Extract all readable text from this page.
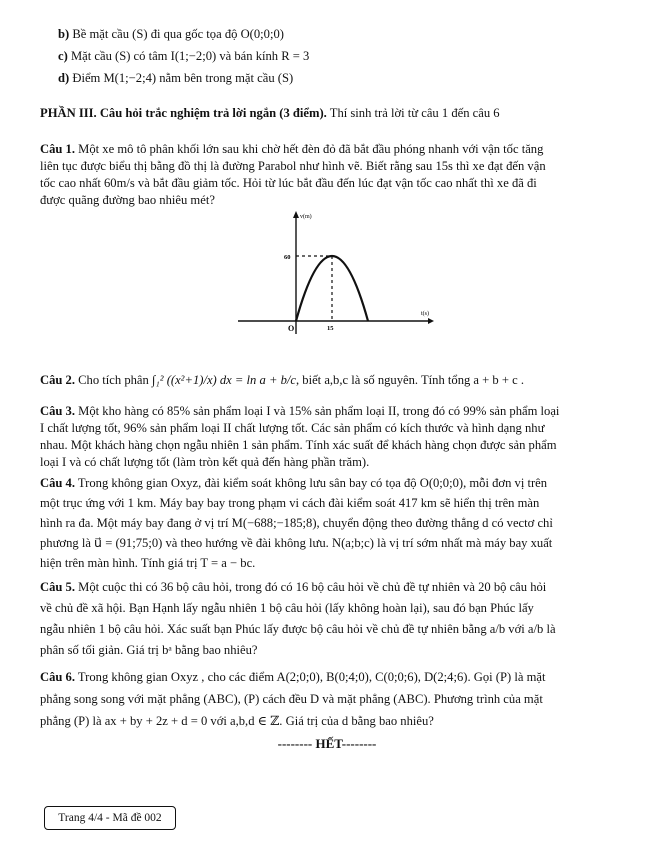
b) Bề mặt cầu (S) đi qua gốc tọa độ O(0;0;0)
c) Mặt cầu (S) có tâm I(1;−2;0) và bán kính R = 3
d) Điểm M(1;−2;4) nằm bên trong mặt cầu (S)
PHẦN III. Câu hỏi trắc nghiệm trả lời ngắn (3 điểm). Thí sinh trả lời từ câu 1 đến câu 6
Câu 1. Một xe mô tô phân khối lớn sau khi chờ hết đèn đỏ đã bắt đầu phóng nhanh với vận tốc tăng
liên tục được biểu thị bằng đồ thị là đường Parabol như hình vẽ. Biết rằng sau 15s thì xe đạt đến vận
tốc cao nhất 60m/s và bắt đầu giảm tốc. Hỏi từ lúc bắt đầu đến lúc đạt vận tốc cao nhất thì xe đã đi
được quãng đường bao nhiêu mét?
v(m)
t(s)
O
60
15
Câu 2. Cho tích phân ∫₁² ((x²+1)/x) dx = ln a + b/c, biết a,b,c là số nguyên. Tính tổng a + b + c .
Câu 3. Một kho hàng có 85% sản phẩm loại I và 15% sản phẩm loại II, trong đó có 99% sản phẩm loại
I chất lượng tốt, 96% sản phẩm loại II chất lượng tốt. Các sản phẩm có kích thước và hình dạng như
nhau. Một khách hàng chọn ngẫu nhiên 1 sản phẩm. Tính xác suất để khách hàng chọn được sản phẩm
loại I và có chất lượng tốt (làm tròn kết quả đến hàng phần trăm).
Câu 4. Trong không gian Oxyz, đài kiểm soát không lưu sân bay có tọa độ O(0;0;0), mỗi đơn vị trên
một trục ứng với 1 km. Máy bay bay trong phạm vi cách đài kiểm soát 417 km sẽ hiển thị trên màn
hình ra đa. Một máy bay đang ở vị trí M(−688;−185;8), chuyển động theo đường thẳng d có vectơ chỉ
phương là u⃗ = (91;75;0) và theo hướng về đài không lưu. N(a;b;c) là vị trí sớm nhất mà máy bay xuất
hiện trên màn hình. Tính giá trị T = a − bc.
Câu 5. Một cuộc thi có 36 bộ câu hỏi, trong đó có 16 bộ câu hỏi về chủ đề tự nhiên và 20 bộ câu hỏi
về chủ đề xã hội. Bạn Hạnh lấy ngẫu nhiên 1 bộ câu hỏi (lấy không hoàn lại), sau đó bạn Phúc lấy
ngẫu nhiên 1 bộ câu hỏi. Xác suất bạn Phúc lấy được bộ câu hỏi về chủ đề tự nhiên bằng a/b với a/b là
phân số tối giản. Giá trị bᵃ bằng bao nhiêu?
Câu 6. Trong không gian Oxyz , cho các điểm A(2;0;0), B(0;4;0), C(0;0;6), D(2;4;6). Gọi (P) là mặt
phẳng song song với mặt phẳng (ABC), (P) cách đều D và mặt phẳng (ABC). Phương trình của mặt
phẳng (P) là ax + by + 2z + d = 0 với a,b,d ∈ ℤ. Giá trị của d bằng bao nhiêu?
-------- HẾT--------
Trang 4/4 - Mã đề 002
